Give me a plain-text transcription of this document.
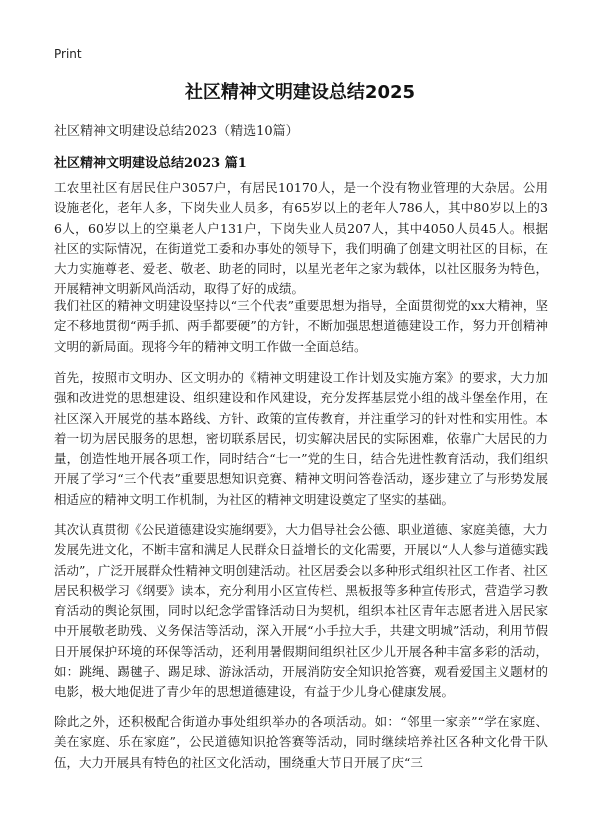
Print
社区精神文明建设总结2025
社区精神文明建设总结2023（精选10篇）
社区精神文明建设总结2023 篇1

工农里社区有居民住户3057户，有居民10170人，是一个没有物业管理的大杂居。公用设施老化，老年人多，下岗失业人员多，有65岁以上的老年人786人，其中80岁以上的36人，60岁以上的空巢老人户131户，下岗失业人员207人，其中4050人员45人。根据社区的实际情况，在街道党工委和办事处的领导下，我们明确了创建文明社区的目标，在大力实施尊老、爱老、敬老、助老的同时，以星光老年之家为载体，以社区服务为特色，开展精神文明新风尚活动，取得了好的成绩。

我们社区的精神文明建设坚持以“三个代表”重要思想为指导，全面贯彻党的xx大精神，坚定不移地贯彻“两手抓、两手都要硬”的方针，不断加强思想道德建设工作，努力开创精神文明的新局面。现将今年的精神文明工作做一全面总结。

首先，按照市文明办、区文明办的《精神文明建设工作计划及实施方案》的要求，大力加强和改进党的思想建设、组织建设和作风建设，充分发挥基层党小组的战斗堡垒作用，在社区深入开展党的基本路线、方针、政策的宣传教育，并注重学习的针对性和实用性。本着一切为居民服务的思想，密切联系居民，切实解决居民的实际困难，依靠广大居民的力量，创造性地开展各项工作，同时结合“七一”党的生日，结合先进性教育活动，我们组织开展了学习“三个代表”重要思想知识竞赛、精神文明问答卷活动，逐步建立了与形势发展相适应的精神文明工作机制，为社区的精神文明建设奠定了坚实的基础。

其次认真贯彻《公民道德建设实施纲要》，大力倡导社会公德、职业道德、家庭美德，大力发展先进文化，不断丰富和满足人民群众日益增长的文化需要，开展以“人人参与道德实践活动”，广泛开展群众性精神文明创建活动。社区居委会以多种形式组织社区工作者、社区居民积极学习《纲要》读本，充分利用小区宣传栏、黑板报等多种宣传形式，营造学习教育活动的舆论氛围，同时以纪念学雷锋活动日为契机，组织本社区青年志愿者进入居民家中开展敬老助残、义务保洁等活动，深入开展“小手拉大手，共建文明城”活动，利用节假日开展保护环境的环保等活动，还利用暑假期间组织社区少儿开展各种丰富多彩的活动，如：跳绳、踢毽子、踢足球、游泳活动，开展消防安全知识抢答赛，观看爱国主义题材的电影，极大地促进了青少年的思想道德建设，有益于少儿身心健康发展。

除此之外，还积极配合街道办事处组织举办的各项活动。如：“邻里一家亲”“学在家庭、美在家庭、乐在家庭”，公民道德知识抢答赛等活动，同时继续培养社区各种文化骨干队伍，大力开展具有特色的社区文化活动，围绕重大节日开展了庆“三
